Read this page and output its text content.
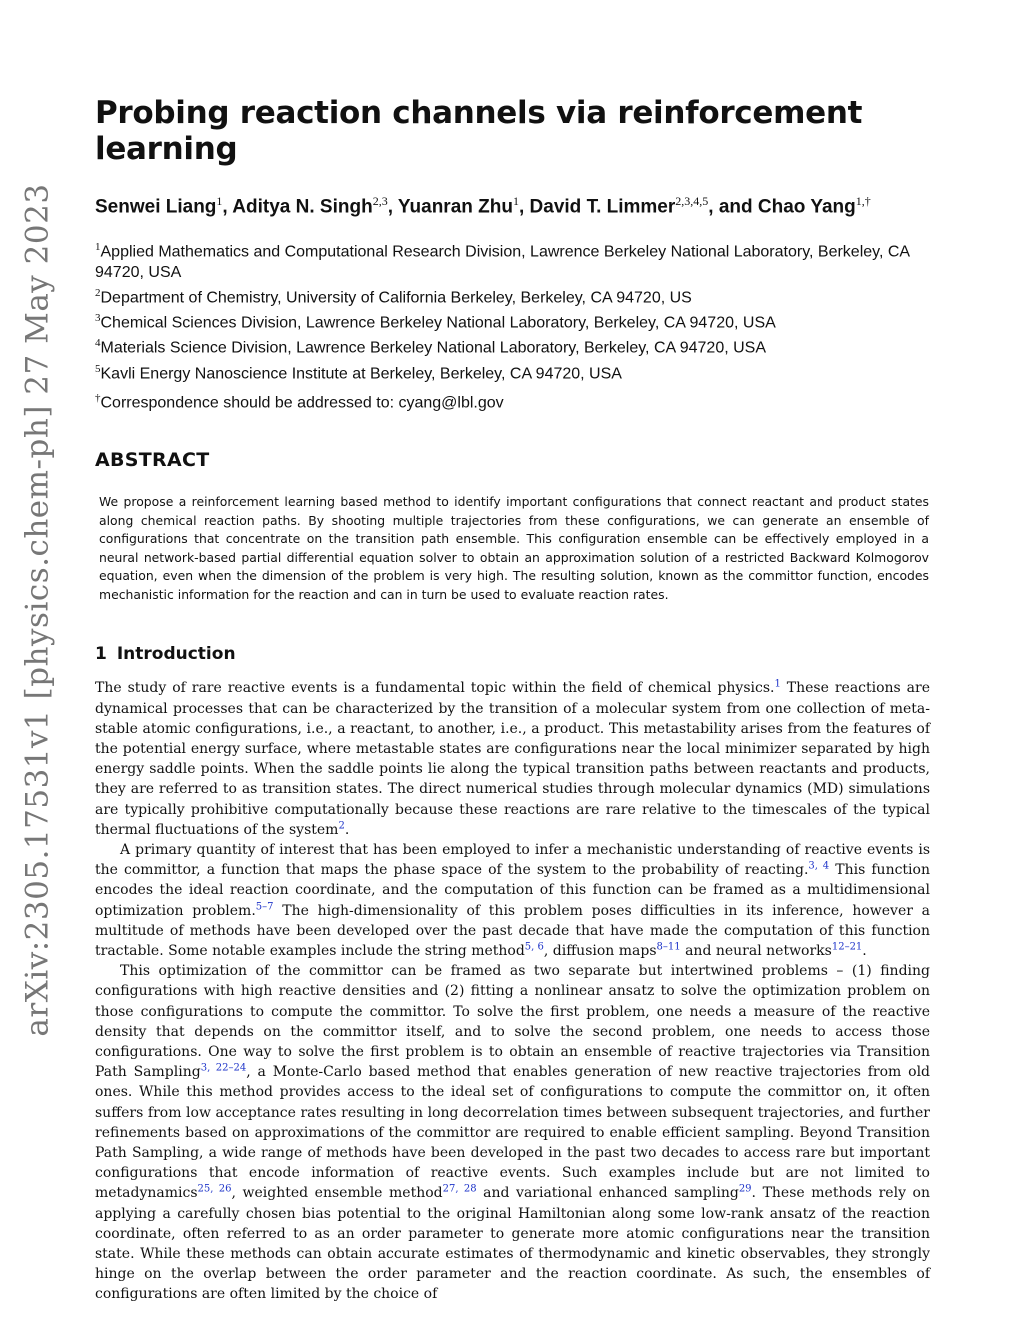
arXiv:2305.17531v1 [physics.chem-ph] 27 May 2023
Probing reaction channels via reinforcement learning
Senwei Liang$^1$, Aditya N. Singh$^{2,3}$, Yuanran Zhu$^1$, David T. Limmer$^{2,3,4,5}$, and Chao Yang$^{1,\dagger}$

$^1$Applied Mathematics and Computational Research Division, Lawrence Berkeley National Laboratory, Berkeley, CA 94720, USA

$^2$Department of Chemistry, University of California Berkeley, Berkeley, CA 94720, US

$^3$Chemical Sciences Division, Lawrence Berkeley National Laboratory, Berkeley, CA 94720, USA

$^4$Materials Science Division, Lawrence Berkeley National Laboratory, Berkeley, CA 94720, USA

$^5$Kavli Energy Nanoscience Institute at Berkeley, Berkeley, CA 94720, USA

†Correspondence should be addressed to: cyang@lbl.gov

ABSTRACT

We propose a reinforcement learning based method to identify important configurations that connect reactant and product states along chemical reaction paths. By shooting multiple trajectories from these configurations, we can generate an ensemble of configurations that concentrate on the transition path ensemble. This configuration ensemble can be effectively employed in a neural network-based partial differential equation solver to obtain an approximation solution of a restricted Backward Kolmogorov equation, even when the dimension of the problem is very high. The resulting solution, known as the committor function, encodes mechanistic information for the reaction and can in turn be used to evaluate reaction rates.

1 Introduction

The study of rare reactive events is a fundamental topic within the field of chemical physics.$^1$ These reactions are dynamical processes that can be characterized by the transition of a molecular system from one collection of meta-stable atomic configurations, i.e., a reactant, to another, i.e., a product. This metastability arises from the features of the potential energy surface, where metastable states are configurations near the local minimizer separated by high energy saddle points. When the saddle points lie along the typical transition paths between reactants and products, they are referred to as transition states. The direct numerical studies through molecular dynamics (MD) simulations are typically prohibitive computationally because these reactions are rare relative to the timescales of the typical thermal fluctuations of the system$^2$.

A primary quantity of interest that has been employed to infer a mechanistic understanding of reactive events is the committor, a function that maps the phase space of the system to the probability of reacting.$^{3, 4}$ This function encodes the ideal reaction coordinate, and the computation of this function can be framed as a multidimensional optimization problem.$^{5-7}$ The high-dimensionality of this problem poses difficulties in its inference, however a multitude of methods have been developed over the past decade that have made the computation of this function tractable. Some notable examples include the string method$^{5, 6}$, diffusion maps$^{8-11}$ and neural networks$^{12-21}$.

This optimization of the committor can be framed as two separate but intertwined problems – (1) finding configurations with high reactive densities and (2) fitting a nonlinear ansatz to solve the optimization problem on those configurations to compute the committor. To solve the first problem, one needs a measure of the reactive density that depends on the committor itself, and to solve the second problem, one needs to access those configurations. One way to solve the first problem is to obtain an ensemble of reactive trajectories via Transition Path Sampling$^{3, 22-24}$, a Monte-Carlo based method that enables generation of new reactive trajectories from old ones. While this method provides access to the ideal set of configurations to compute the committor on, it often suffers from low acceptance rates resulting in long decorrelation times between subsequent trajectories, and further refinements based on approximations of the committor are required to enable efficient sampling. Beyond Transition Path Sampling, a wide range of methods have been developed in the past two decades to access rare but important configurations that encode information of reactive events. Such examples include but are not limited to metadynamics$^{25, 26}$, weighted ensemble method$^{27, 28}$ and variational enhanced sampling$^{29}$. These methods rely on applying a carefully chosen bias potential to the original Hamiltonian along some low-rank ansatz of the reaction coordinate, often referred to as an order parameter to generate more atomic configurations near the transition state. While these methods can obtain accurate estimates of thermodynamic and kinetic observables, they strongly hinge on the overlap between the order parameter and the reaction coordinate. As such, the ensembles of configurations are often limited by the choice of
